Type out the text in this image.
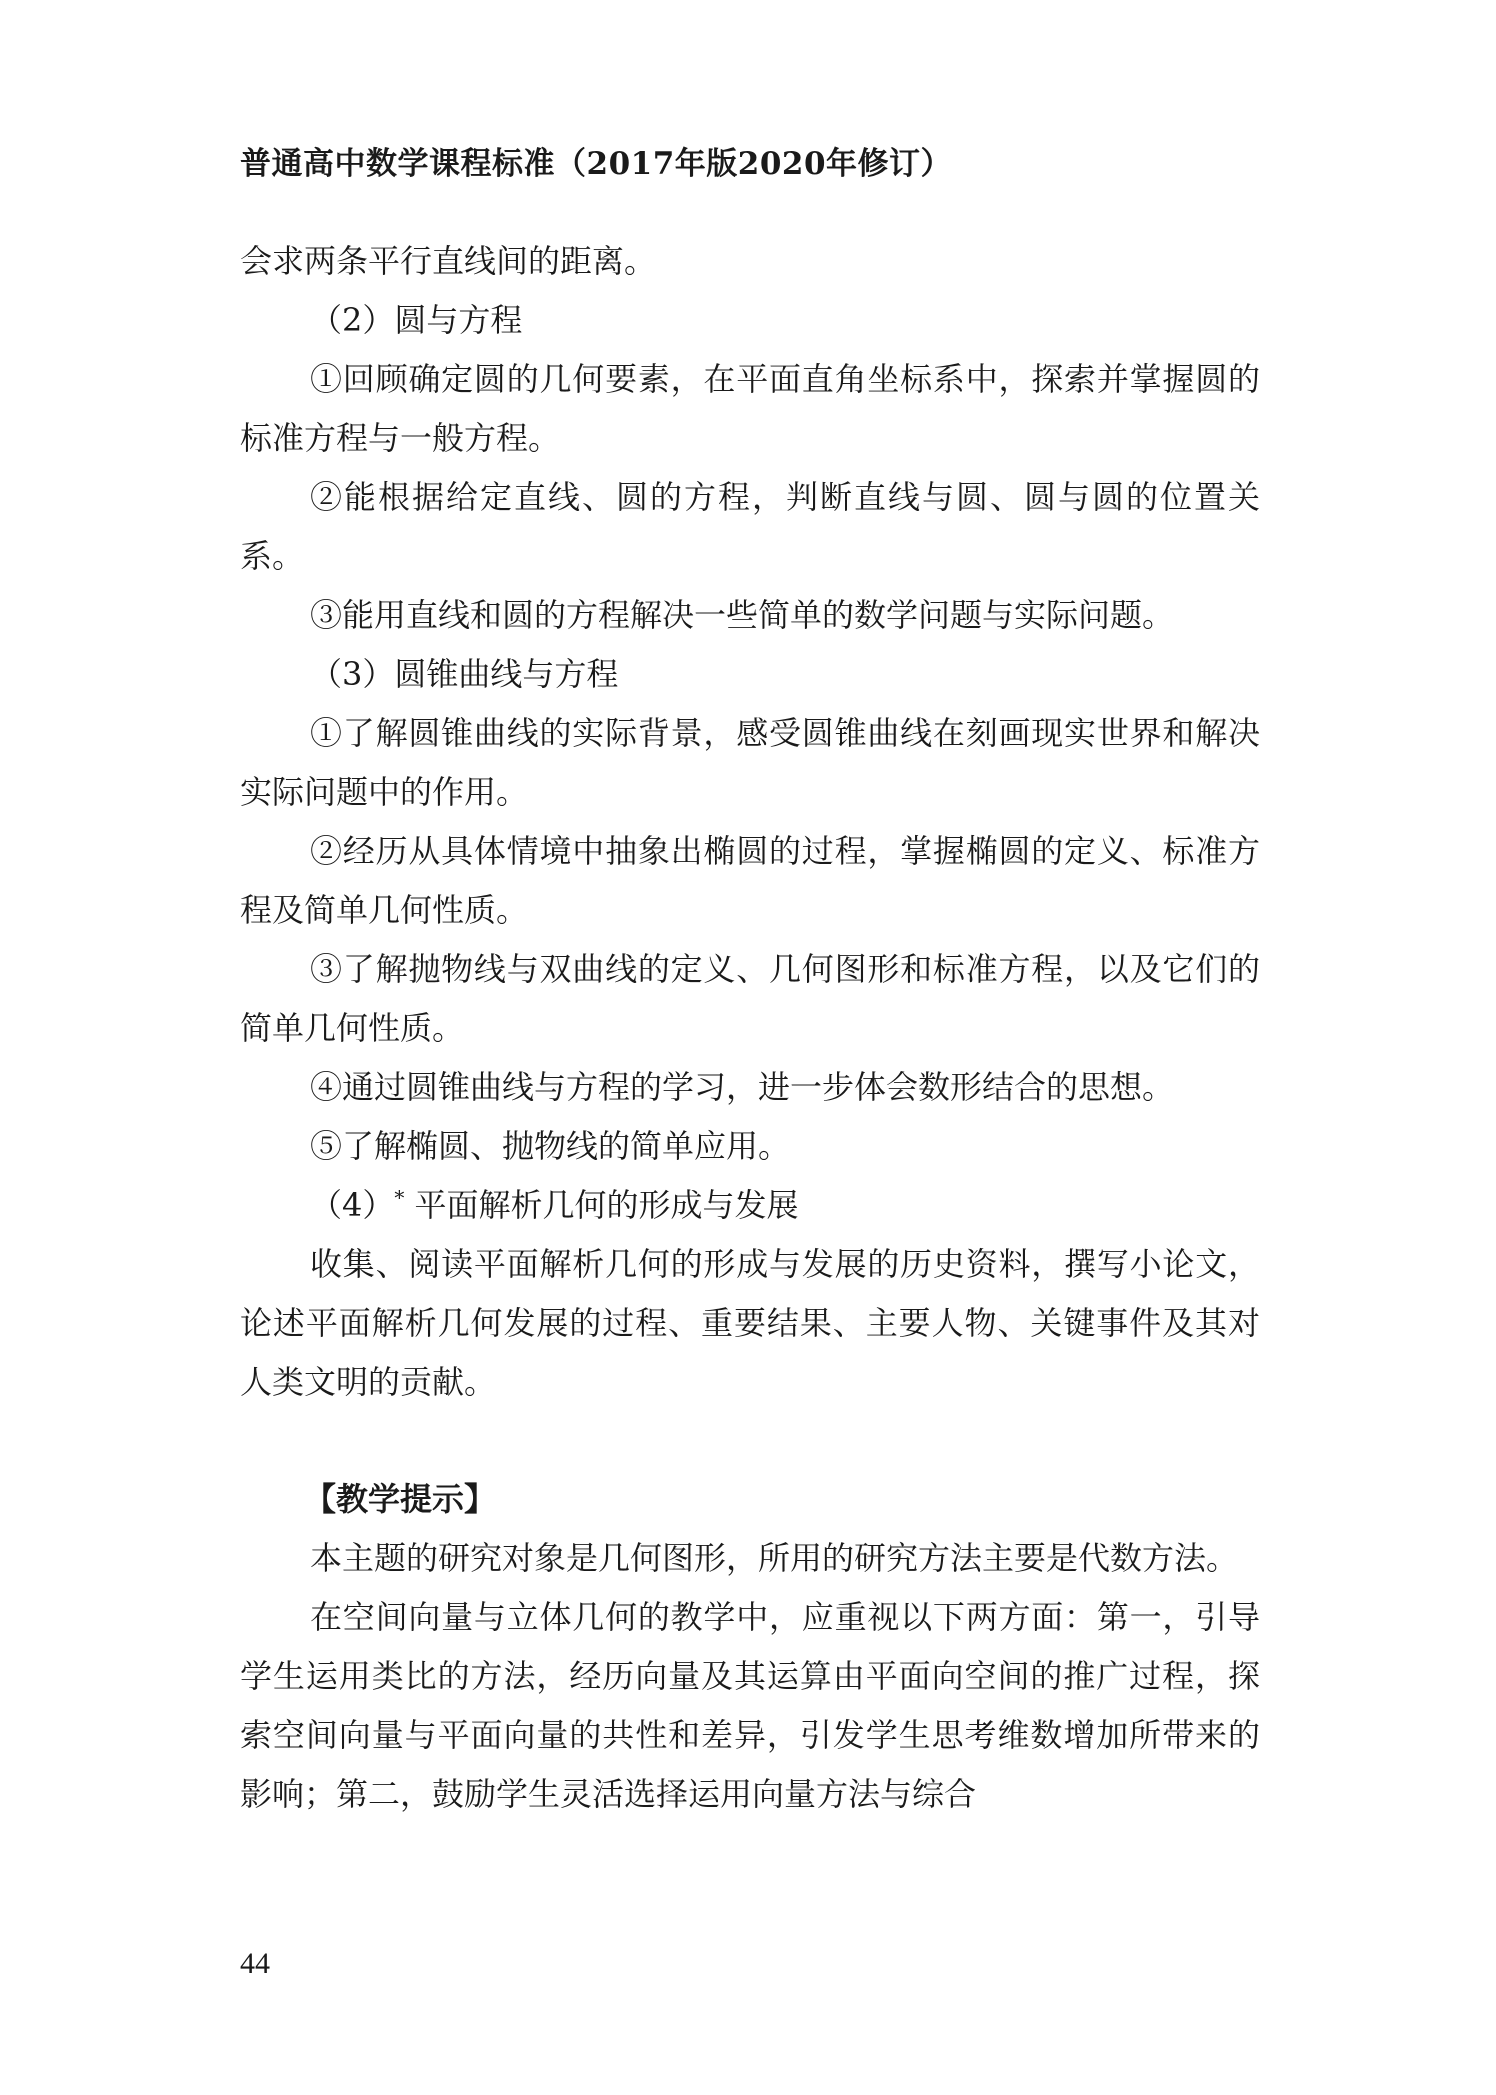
普通高中数学课程标准（2017年版2020年修订）

会求两条平行直线间的距离。

（2）圆与方程

①回顾确定圆的几何要素，在平面直角坐标系中，探索并掌握圆的标准方程与一般方程。

②能根据给定直线、圆的方程，判断直线与圆、圆与圆的位置关系。

③能用直线和圆的方程解决一些简单的数学问题与实际问题。

（3）圆锥曲线与方程

①了解圆锥曲线的实际背景，感受圆锥曲线在刻画现实世界和解决实际问题中的作用。

②经历从具体情境中抽象出椭圆的过程，掌握椭圆的定义、标准方程及简单几何性质。

③了解抛物线与双曲线的定义、几何图形和标准方程，以及它们的简单几何性质。

④通过圆锥曲线与方程的学习，进一步体会数形结合的思想。

⑤了解椭圆、抛物线的简单应用。

（4）* 平面解析几何的形成与发展

收集、阅读平面解析几何的形成与发展的历史资料，撰写小论文，论述平面解析几何发展的过程、重要结果、主要人物、关键事件及其对人类文明的贡献。

【教学提示】

本主题的研究对象是几何图形，所用的研究方法主要是代数方法。

在空间向量与立体几何的教学中，应重视以下两方面：第一，引导学生运用类比的方法，经历向量及其运算由平面向空间的推广过程，探索空间向量与平面向量的共性和差异，引发学生思考维数增加所带来的影响；第二，鼓励学生灵活选择运用向量方法与综合

44
